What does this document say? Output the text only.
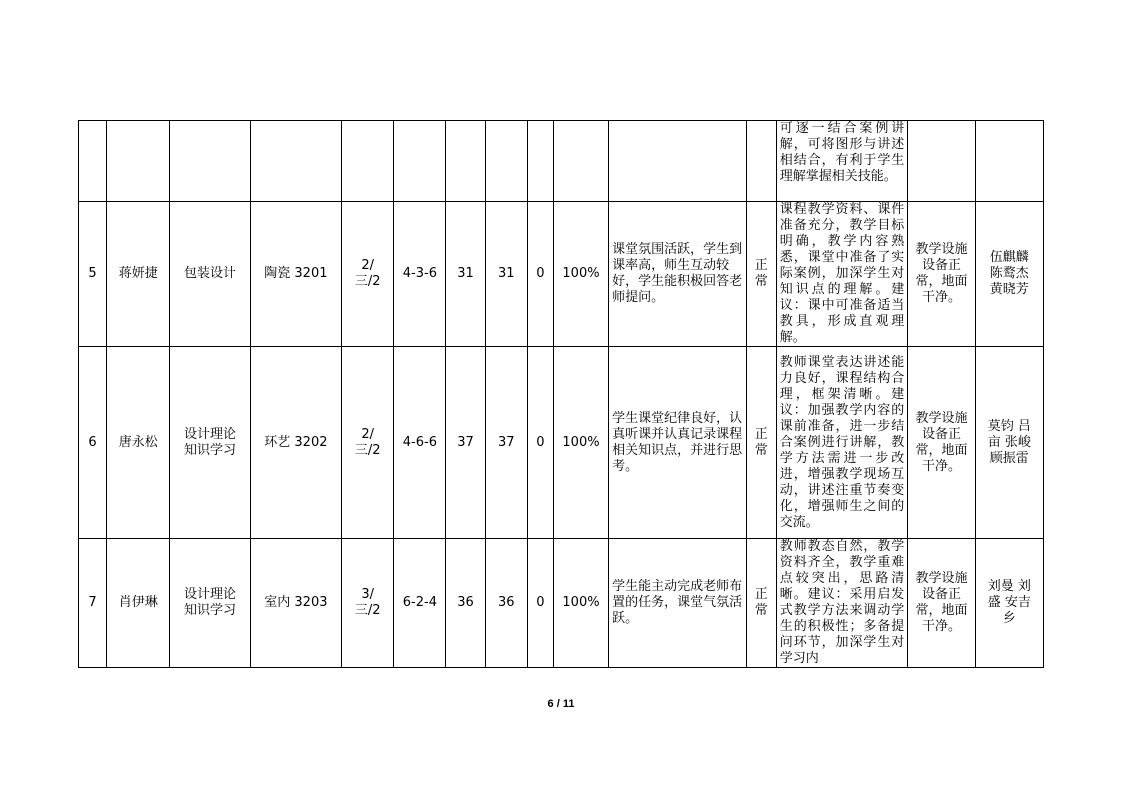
												可逐一结合案例讲解，可将图形与讲述相结合，有利于学生理解掌握相关技能。		
5	蒋妍捷	包装设计	陶瓷 3201	2/三/2	4-3-6	31	31	0	100%	课堂氛围活跃，学生到课率高，师生互动较好，学生能积极回答老师提问。	正常	课程教学资料、课件准备充分，教学目标明确，教学内容熟悉，课堂中准备了实际案例，加深学生对知识点的理解。建议：课中可准备适当教具，形成直观理解。	教学设施设备正常，地面干净。	伍麒麟 陈鹜杰 黄晓芳
6	唐永松	设计理论知识学习	环艺 3202	2/三/2	4-6-6	37	37	0	100%	学生课堂纪律良好，认真听课并认真记录课程相关知识点，并进行思考。	正常	教师课堂表达讲述能力良好，课程结构合理，框架清晰。建议：加强教学内容的课前准备，进一步结合案例进行讲解，教学方法需进一步改进，增强教学现场互动，讲述注重节奏变化，增强师生之间的交流。	教学设施设备正常，地面干净。	莫钧 吕亩 张峻 顾振雷
7	肖伊琳	设计理论知识学习	室内 3203	3/三/2	6-2-4	36	36	0	100%	学生能主动完成老师布置的任务，课堂气氛活跃。	正常	教师教态自然，教学资料齐全，教学重难点较突出，思路清晰。建议：采用启发式教学方法来调动学生的积极性；多备提问环节，加深学生对学习内	教学设施设备正常，地面干净。	刘曼 刘盛 安吉乡
6 / 11
